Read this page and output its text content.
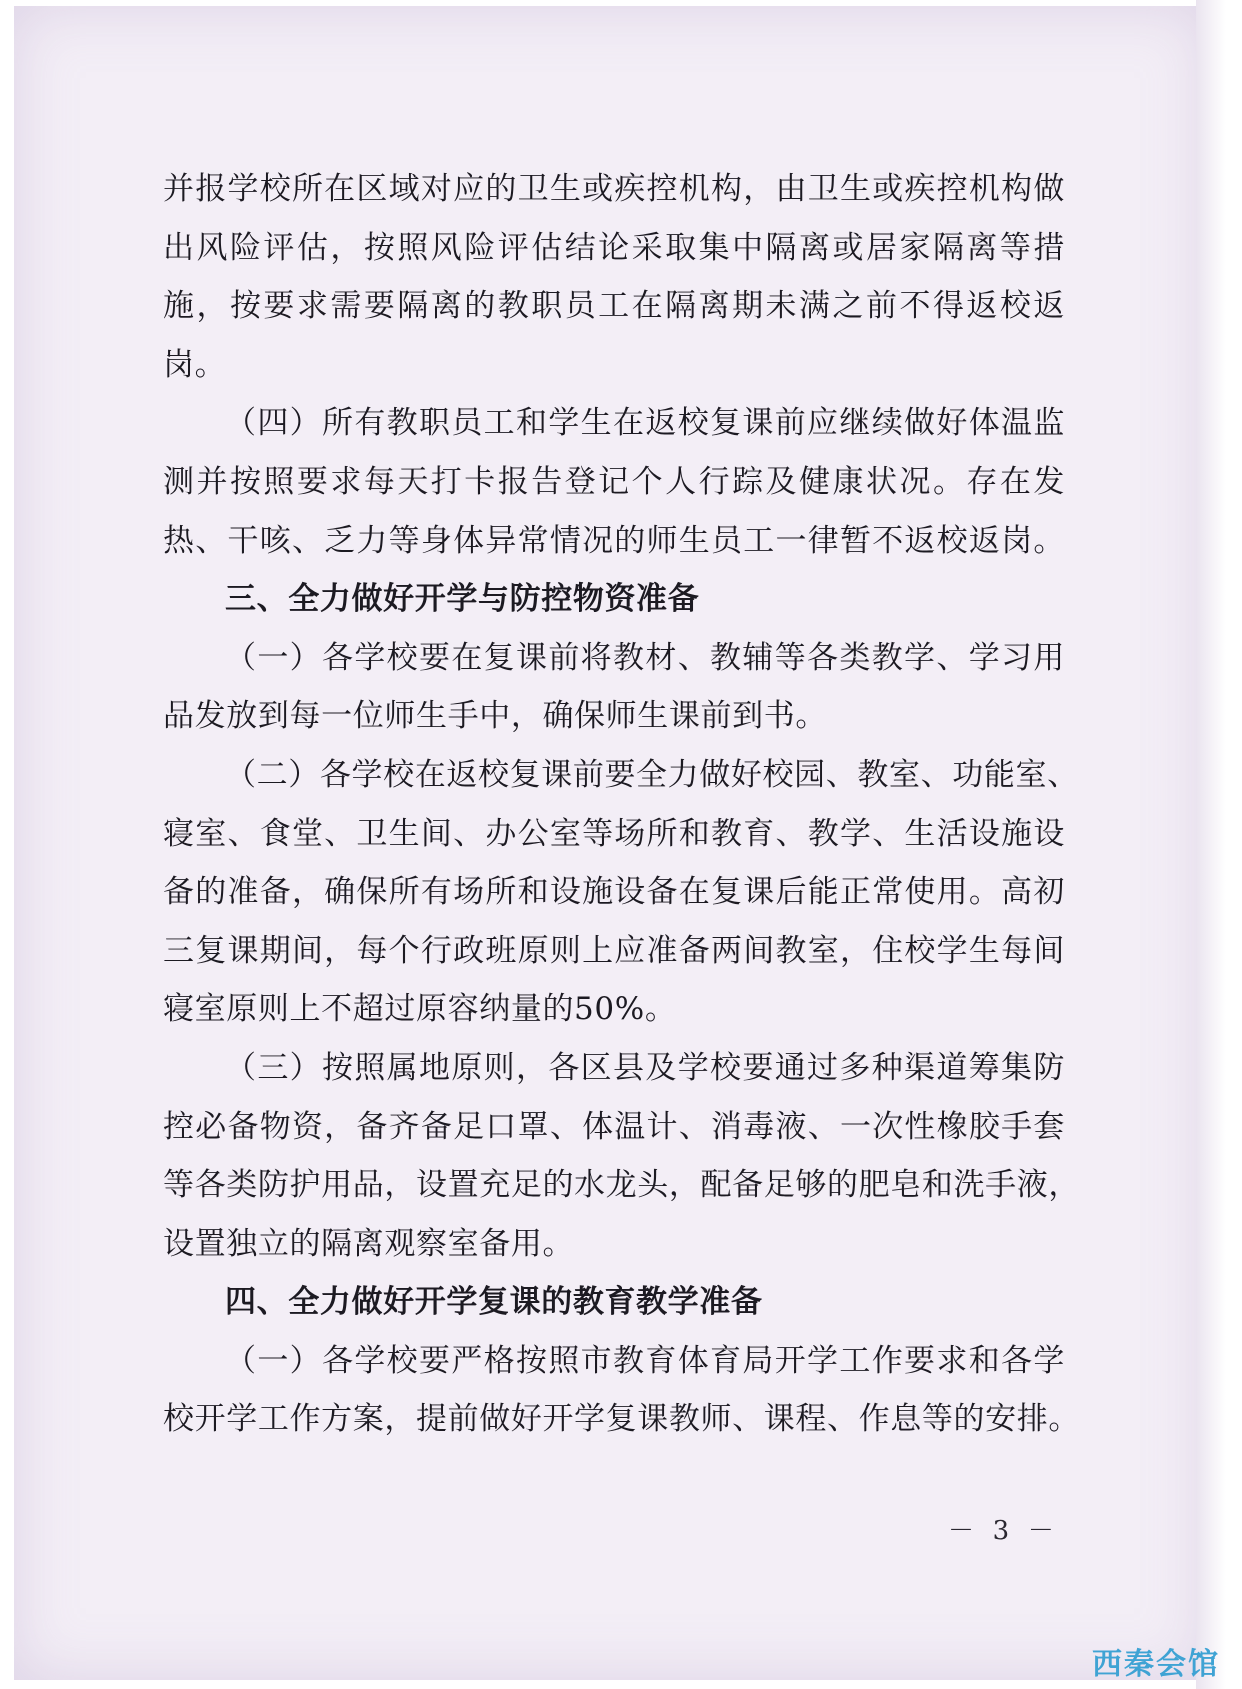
并报学校所在区域对应的卫生或疾控机构，由卫生或疾控机构做
出风险评估，按照风险评估结论采取集中隔离或居家隔离等措
施，按要求需要隔离的教职员工在隔离期未满之前不得返校返
岗。
（四）所有教职员工和学生在返校复课前应继续做好体温监
测并按照要求每天打卡报告登记个人行踪及健康状况。存在发
热、干咳、乏力等身体异常情况的师生员工一律暂不返校返岗。
三、全力做好开学与防控物资准备
（一）各学校要在复课前将教材、教辅等各类教学、学习用
品发放到每一位师生手中，确保师生课前到书。
（二）各学校在返校复课前要全力做好校园、教室、功能室、
寝室、食堂、卫生间、办公室等场所和教育、教学、生活设施设
备的准备，确保所有场所和设施设备在复课后能正常使用。高初
三复课期间，每个行政班原则上应准备两间教室，住校学生每间
寝室原则上不超过原容纳量的50%。
（三）按照属地原则，各区县及学校要通过多种渠道筹集防
控必备物资，备齐备足口罩、体温计、消毒液、一次性橡胶手套
等各类防护用品，设置充足的水龙头，配备足够的肥皂和洗手液，
设置独立的隔离观察室备用。
四、全力做好开学复课的教育教学准备
（一）各学校要严格按照市教育体育局开学工作要求和各学
校开学工作方案，提前做好开学复课教师、课程、作息等的安排。
－ 3 －
西秦会馆
